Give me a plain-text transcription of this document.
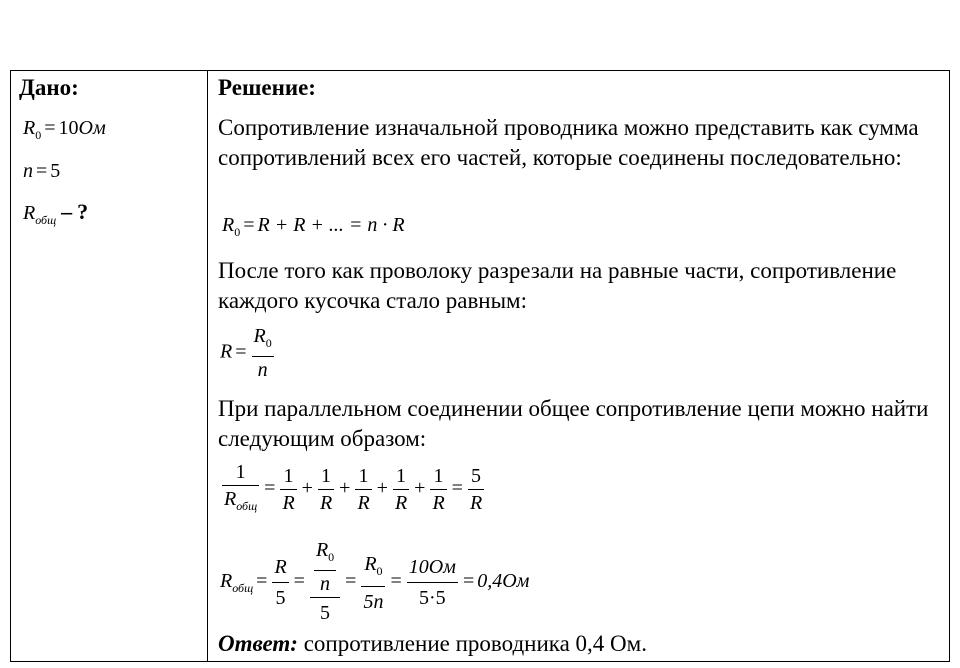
Дано:
$R_0 = 10Ом$
n = 5
$R_{общ}$ – ?
Решение:

Сопротивление изначальной проводника можно представить как сумма сопротивлений всех его частей, которые соединены последовательно:

$R_0 = R + R$ + ... = n · R

После того как проволоку разрезали на равные части, сопротивление каждого кусочка стало равным:

$R = \frac{R_0}{n}$

При параллельном соединении общее сопротивление цепи можно найти следующим образом:

$\frac{1}{R_{общ}} = \frac{1}{R} + \frac{1}{R} + \frac{1}{R} + \frac{1}{R} + \frac{1}{R} = \frac{5}{R}$
$R_{общ} = \frac{R}{5} = \frac{\frac{R_0}{n}}{5} = \frac{R_0}{5n} = \frac{10Ом}{5\cdot 5} = 0,4Ом$
Ответ: сопротивление проводника 0,4 Ом.
